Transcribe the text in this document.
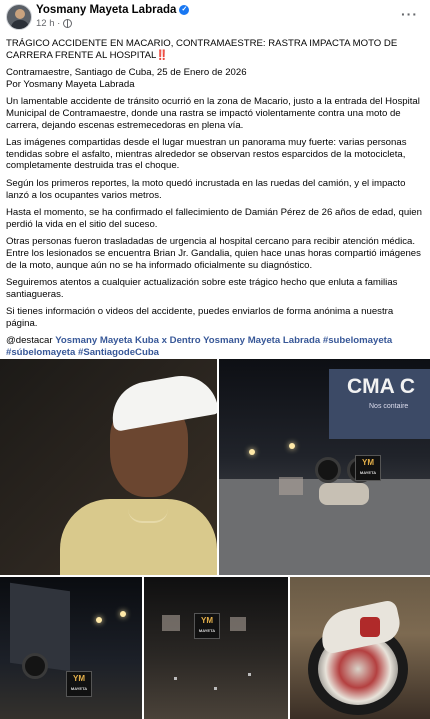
Yosmany Mayeta Labrada ✓
12 h ·
···

TRÁGICO ACCIDENTE EN MACARIO, CONTRAMAESTRE: RASTRA IMPACTA MOTO DE CARRERA FRENTE AL HOSPITAL‼️

Contramaestre, Santiago de Cuba, 25 de Enero de 2026

Por Yosmany Mayeta Labrada

Un lamentable accidente de tránsito ocurrió en la zona de Macario, justo a la entrada del Hospital Municipal de Contramaestre, donde una rastra se impactó violentamente contra una moto de carrera, dejando escenas estremecedoras en plena vía.

Las imágenes compartidas desde el lugar muestran un panorama muy fuerte: varias personas tendidas sobre el asfalto, mientras alrededor se observan restos esparcidos de la motocicleta, completamente destruida tras el choque.

Según los primeros reportes, la moto quedó incrustada en las ruedas del camión, y el impacto lanzó a los ocupantes varios metros.

Hasta el momento, se ha confirmado el fallecimiento de Damián Pérez de 26 años de edad, quien perdió la vida en el sitio del suceso.

Otras personas fueron trasladadas de urgencia al hospital cercano para recibir atención médica. Entre los lesionados se encuentra Brian Jr. Gandalia, quien hace unas horas compartió imágenes de la moto, aunque aún no se ha informado oficialmente su diagnóstico.

Seguiremos atentos a cualquier actualización sobre este trágico hecho que enluta a familias santiagueras.

Si tienes información o videos del accidente, puedes enviarlos de forma anónima a nuestra página.

@destacar Yosmany Mayeta Kuba x Dentro Yosmany Mayeta Labrada #subelomayeta

#súbelomayeta #SantiagodeCuba

CMA C
Nos contaire
YM
MAYETA
YM
MAYETA
YM
MAYETA
